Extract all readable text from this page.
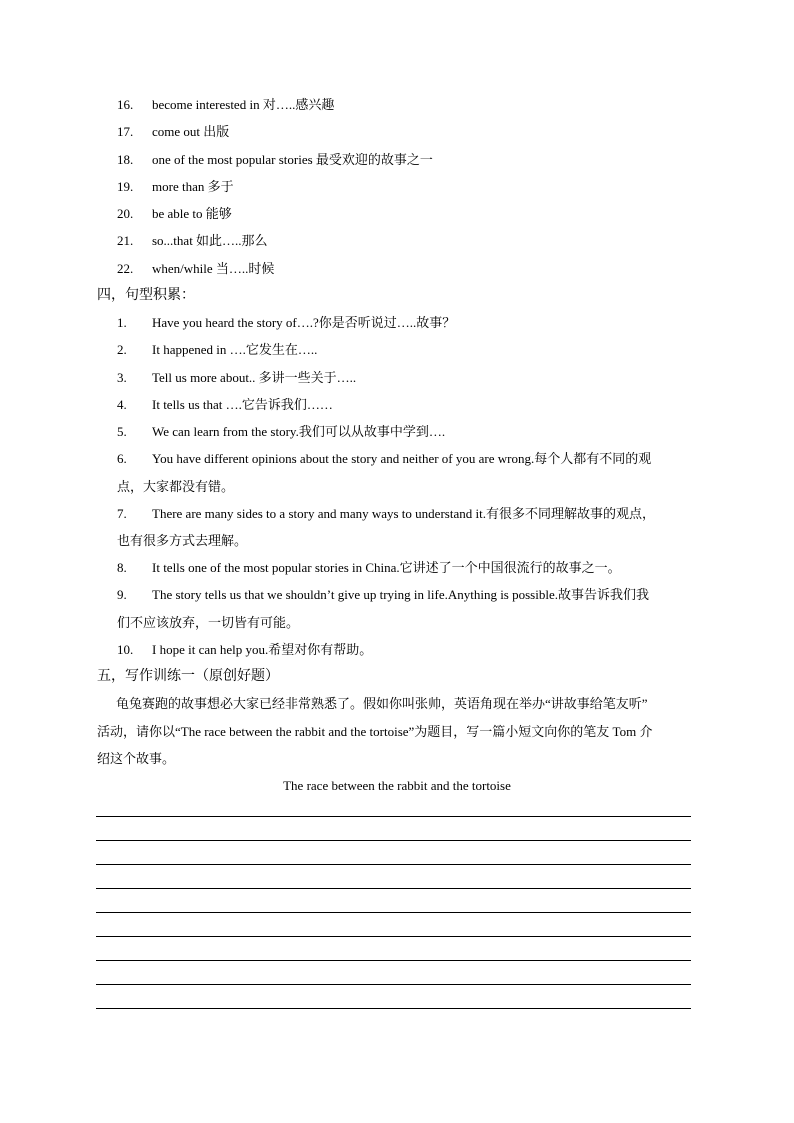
16. become interested in 对…..感兴趣
17. come out 出版
18. one of the most popular stories 最受欢迎的故事之一
19. more than 多于
20. be able to 能够
21. so...that 如此…..那么
22. when/while 当…..时候
四，句型积累：
1. Have you heard the story of….?你是否听说过…..故事？
2. It happened in ….它发生在…..
3. Tell us more about.. 多讲一些关于…..
4. It tells us that ….它告诉我们……
5. We can learn from the story.我们可以从故事中学到….
6. You have different opinions about the story and neither of you are wrong.每个人都有不同的观
点，大家都没有错。
7. There are many sides to a story and many ways to understand it.有很多不同理解故事的观点，
也有很多方式去理解。
8. It tells one of the most popular stories in China.它讲述了一个中国很流行的故事之一。
9. The story tells us that we shouldn’t give up trying in life.Anything is possible.故事告诉我们我
们不应该放弃，一切皆有可能。
10. I hope it can help you.希望对你有帮助。
五，写作训练一（原创好题）
龟兔赛跑的故事想必大家已经非常熟悉了。假如你叫张帅，英语角现在举办“讲故事给笔友听”
活动，请你以“The race between the rabbit and the tortoise”为题目，写一篇小短文向你的笔友 Tom 介
绍这个故事。
The race between the rabbit and the tortoise
